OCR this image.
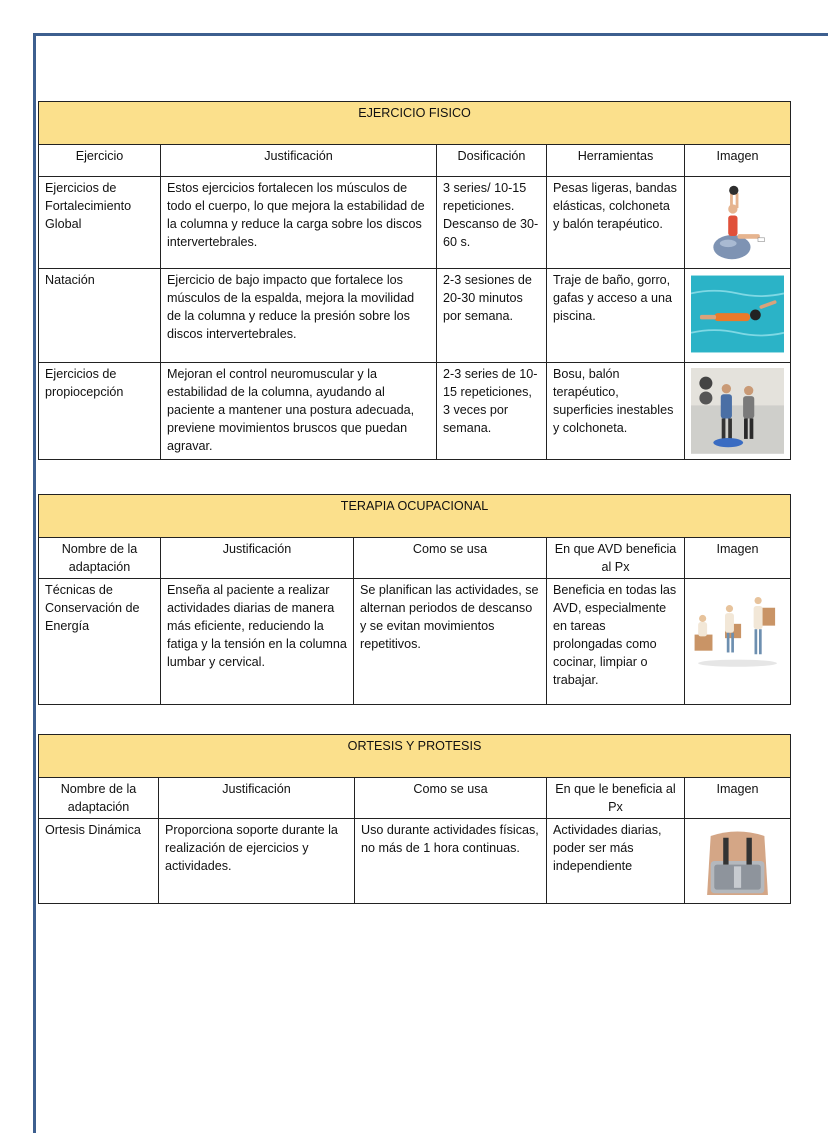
EJERCICIO FISICO				
Ejercicio	Justificación	Dosificación	Herramientas	Imagen
Ejercicios de Fortalecimiento Global	Estos ejercicios fortalecen los músculos de todo el cuerpo, lo que mejora la estabilidad de la columna y reduce la carga sobre los discos intervertebrales.	3 series/ 10-15 repeticiones. Descanso de 30-60 s.	Pesas ligeras, bandas elásticas, colchoneta y balón terapéutico.	

Natación	Ejercicio de bajo impacto que fortalece los músculos de la espalda, mejora la movilidad de la columna y reduce la presión sobre los discos intervertebrales.	2-3 sesiones de 20-30 minutos por semana.	Traje de baño, gorro, gafas y acceso a una piscina.	

Ejercicios de propiocepción	Mejoran el control neuromuscular y la estabilidad de la columna, ayudando al paciente a mantener una postura adecuada, previene movimientos bruscos que puedan agravar.	2-3 series de 10-15 repeticiones, 3 veces por semana.	Bosu, balón terapéutico, superficies inestables y colchoneta.	
TERAPIA OCUPACIONAL				
Nombre de la adaptación	Justificación	Como se usa	En que AVD beneficia al Px	Imagen
Técnicas de Conservación de Energía	Enseña al paciente a realizar actividades diarias de manera más eficiente, reduciendo la fatiga y la tensión en la columna lumbar y cervical.	Se planifican las actividades, se alternan periodos de descanso y se evitan movimientos repetitivos.	Beneficia en todas las AVD, especialmente en tareas prolongadas como cocinar, limpiar o trabajar.	
ORTESIS Y PROTESIS				
Nombre de la adaptación	Justificación	Como se usa	En que le beneficia al Px	Imagen
Ortesis Dinámica	Proporciona soporte durante la realización de ejercicios y actividades.	Uso durante actividades físicas, no más de 1 hora continuas.	Actividades diarias, poder ser más independiente	
